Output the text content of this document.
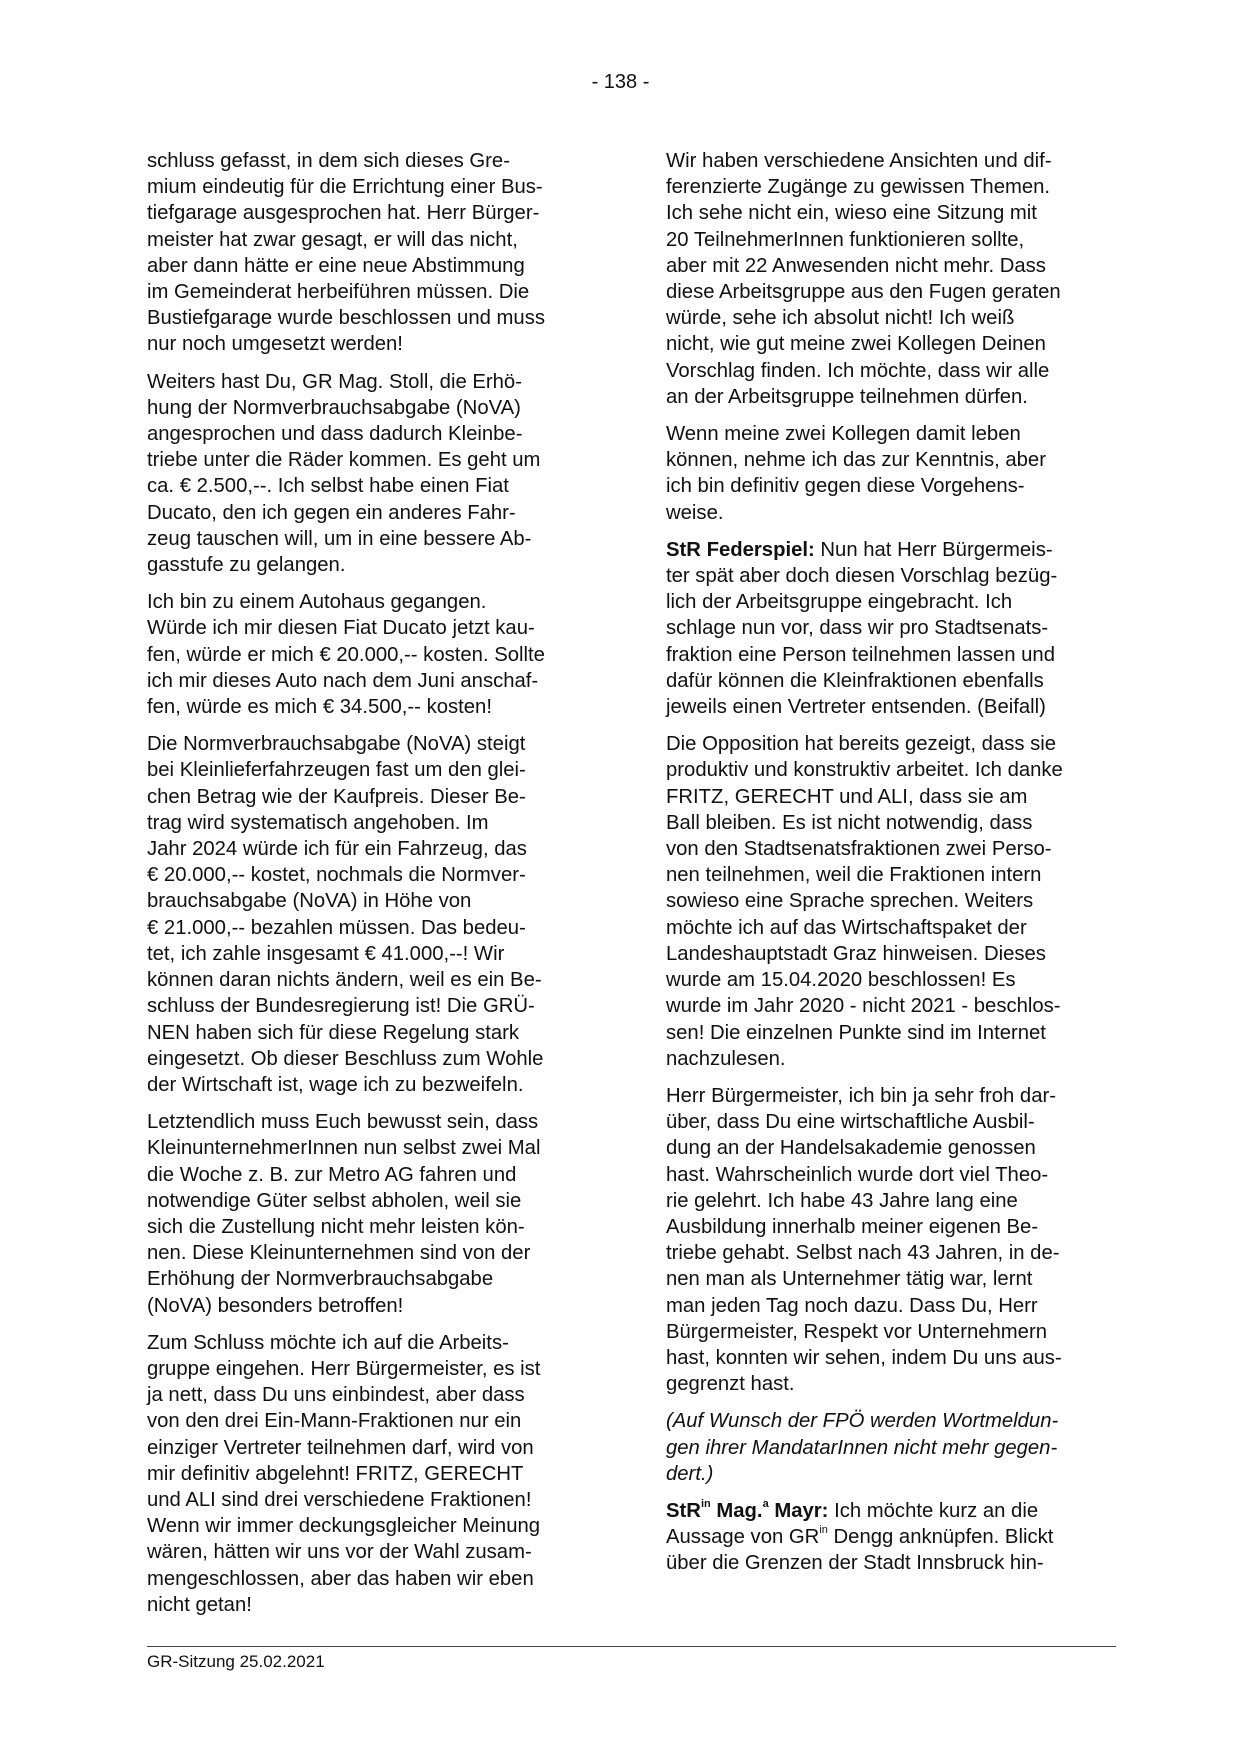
- 138 -

schluss gefasst, in dem sich dieses Gre-
mium eindeutig für die Errichtung einer Bus-
tiefgarage ausgesprochen hat. Herr Bürger-
meister hat zwar gesagt, er will das nicht,
aber dann hätte er eine neue Abstimmung
im Gemeinderat herbeiführen müssen. Die
Bustiefgarage wurde beschlossen und muss
nur noch umgesetzt werden!

Weiters hast Du, GR Mag. Stoll, die Erhö-
hung der Normverbrauchsabgabe (NoVA)
angesprochen und dass dadurch Kleinbe-
triebe unter die Räder kommen. Es geht um
ca. € 2.500,--. Ich selbst habe einen Fiat
Ducato, den ich gegen ein anderes Fahr-
zeug tauschen will, um in eine bessere Ab-
gasstufe zu gelangen.

Ich bin zu einem Autohaus gegangen.
Würde ich mir diesen Fiat Ducato jetzt kau-
fen, würde er mich € 20.000,-- kosten. Sollte
ich mir dieses Auto nach dem Juni anschaf-
fen, würde es mich € 34.500,-- kosten!

Die Normverbrauchsabgabe (NoVA) steigt
bei Kleinlieferfahrzeugen fast um den glei-
chen Betrag wie der Kaufpreis. Dieser Be-
trag wird systematisch angehoben. Im
Jahr 2024 würde ich für ein Fahrzeug, das
€ 20.000,-- kostet, nochmals die Normver-
brauchsabgabe (NoVA) in Höhe von
€ 21.000,-- bezahlen müssen. Das bedeu-
tet, ich zahle insgesamt € 41.000,--! Wir
können daran nichts ändern, weil es ein Be-
schluss der Bundesregierung ist! Die GRÜ-
NEN haben sich für diese Regelung stark
eingesetzt. Ob dieser Beschluss zum Wohle
der Wirtschaft ist, wage ich zu bezweifeln.

Letztendlich muss Euch bewusst sein, dass
KleinunternehmerInnen nun selbst zwei Mal
die Woche z. B. zur Metro AG fahren und
notwendige Güter selbst abholen, weil sie
sich die Zustellung nicht mehr leisten kön-
nen. Diese Kleinunternehmen sind von der
Erhöhung der Normverbrauchsabgabe
(NoVA) besonders betroffen!

Zum Schluss möchte ich auf die Arbeits-
gruppe eingehen. Herr Bürgermeister, es ist
ja nett, dass Du uns einbindest, aber dass
von den drei Ein-Mann-Fraktionen nur ein
einziger Vertreter teilnehmen darf, wird von
mir definitiv abgelehnt! FRITZ, GERECHT
und ALI sind drei verschiedene Fraktionen!
Wenn wir immer deckungsgleicher Meinung
wären, hätten wir uns vor der Wahl zusam-
mengeschlossen, aber das haben wir eben
nicht getan!

Wir haben verschiedene Ansichten und dif-
ferenzierte Zugänge zu gewissen Themen.
Ich sehe nicht ein, wieso eine Sitzung mit
20 TeilnehmerInnen funktionieren sollte,
aber mit 22 Anwesenden nicht mehr. Dass
diese Arbeitsgruppe aus den Fugen geraten
würde, sehe ich absolut nicht! Ich weiß
nicht, wie gut meine zwei Kollegen Deinen
Vorschlag finden. Ich möchte, dass wir alle
an der Arbeitsgruppe teilnehmen dürfen.

Wenn meine zwei Kollegen damit leben
können, nehme ich das zur Kenntnis, aber
ich bin definitiv gegen diese Vorgehens-
weise.

StR Federspiel: Nun hat Herr Bürgermeis-
ter spät aber doch diesen Vorschlag bezüg-
lich der Arbeitsgruppe eingebracht. Ich
schlage nun vor, dass wir pro Stadtsenats-
fraktion eine Person teilnehmen lassen und
dafür können die Kleinfraktionen ebenfalls
jeweils einen Vertreter entsenden. (Beifall)

Die Opposition hat bereits gezeigt, dass sie
produktiv und konstruktiv arbeitet. Ich danke
FRITZ, GERECHT und ALI, dass sie am
Ball bleiben. Es ist nicht notwendig, dass
von den Stadtsenatsfraktionen zwei Perso-
nen teilnehmen, weil die Fraktionen intern
sowieso eine Sprache sprechen. Weiters
möchte ich auf das Wirtschaftspaket der
Landeshauptstadt Graz hinweisen. Dieses
wurde am 15.04.2020 beschlossen! Es
wurde im Jahr 2020 - nicht 2021 - beschlos-
sen! Die einzelnen Punkte sind im Internet
nachzulesen.

Herr Bürgermeister, ich bin ja sehr froh dar-
über, dass Du eine wirtschaftliche Ausbil-
dung an der Handelsakademie genossen
hast. Wahrscheinlich wurde dort viel Theo-
rie gelehrt. Ich habe 43 Jahre lang eine
Ausbildung innerhalb meiner eigenen Be-
triebe gehabt. Selbst nach 43 Jahren, in de-
nen man als Unternehmer tätig war, lernt
man jeden Tag noch dazu. Dass Du, Herr
Bürgermeister, Respekt vor Unternehmern
hast, konnten wir sehen, indem Du uns aus-
gegrenzt hast.

(Auf Wunsch der FPÖ werden Wortmeldun-
gen ihrer MandatarInnen nicht mehr gegen-
dert.)

StR$^{in}$ Mag.$^a$ Mayr: Ich möchte kurz an die
Aussage von $GR^{in}$ Dengg anknüpfen. Blickt
über die Grenzen der Stadt Innsbruck hin-

GR-Sitzung 25.02.2021
